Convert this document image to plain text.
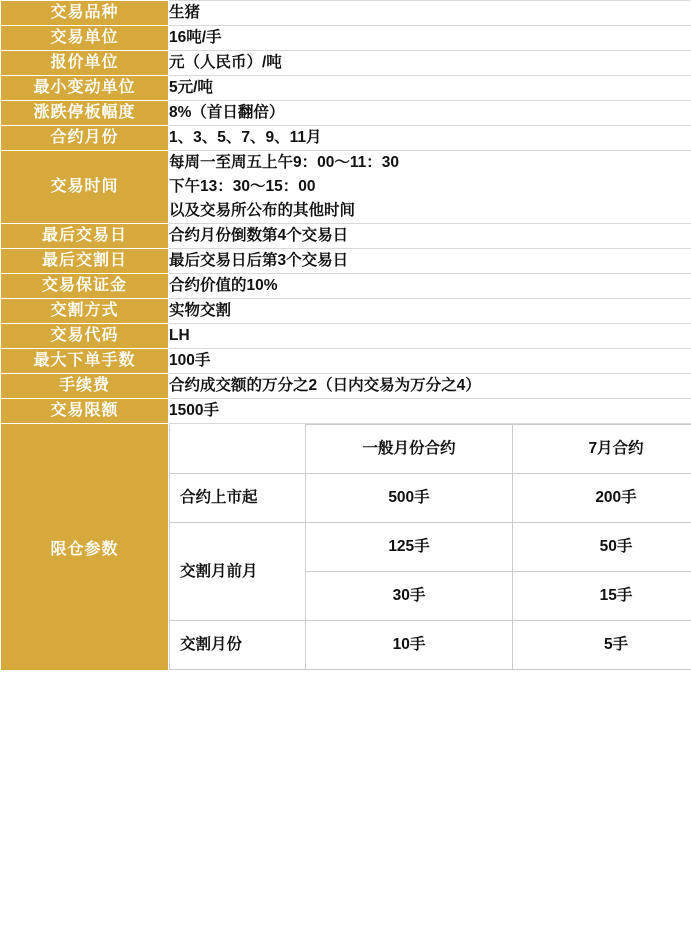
交易品种	生猪

交易单位	16吨/手

报价单位	元（人民币）/吨

最小变动单位	5元/吨

涨跌停板幅度	8%（首日翻倍）

合约月份	1、3、5、7、9、11月

交易时间	
每周一至周五上午9：00～11：30
下午13：30～15：00
以及交易所公布的其他时间

最后交易日	合约月份倒数第4个交易日

最后交割日	最后交易日后第3个交易日

交易保证金	合约价值的10%

交割方式	实物交割

交易代码	LH

最大下单手数	100手

手续费	合约成交额的万分之2（日内交易为万分之4）

交易限额	1500手

限仓参数	
	一般月份合约	7月合约
合约上市起	500手	200手
交割月前月	125手	50手
30手	15手
交割月份	10手	5手
